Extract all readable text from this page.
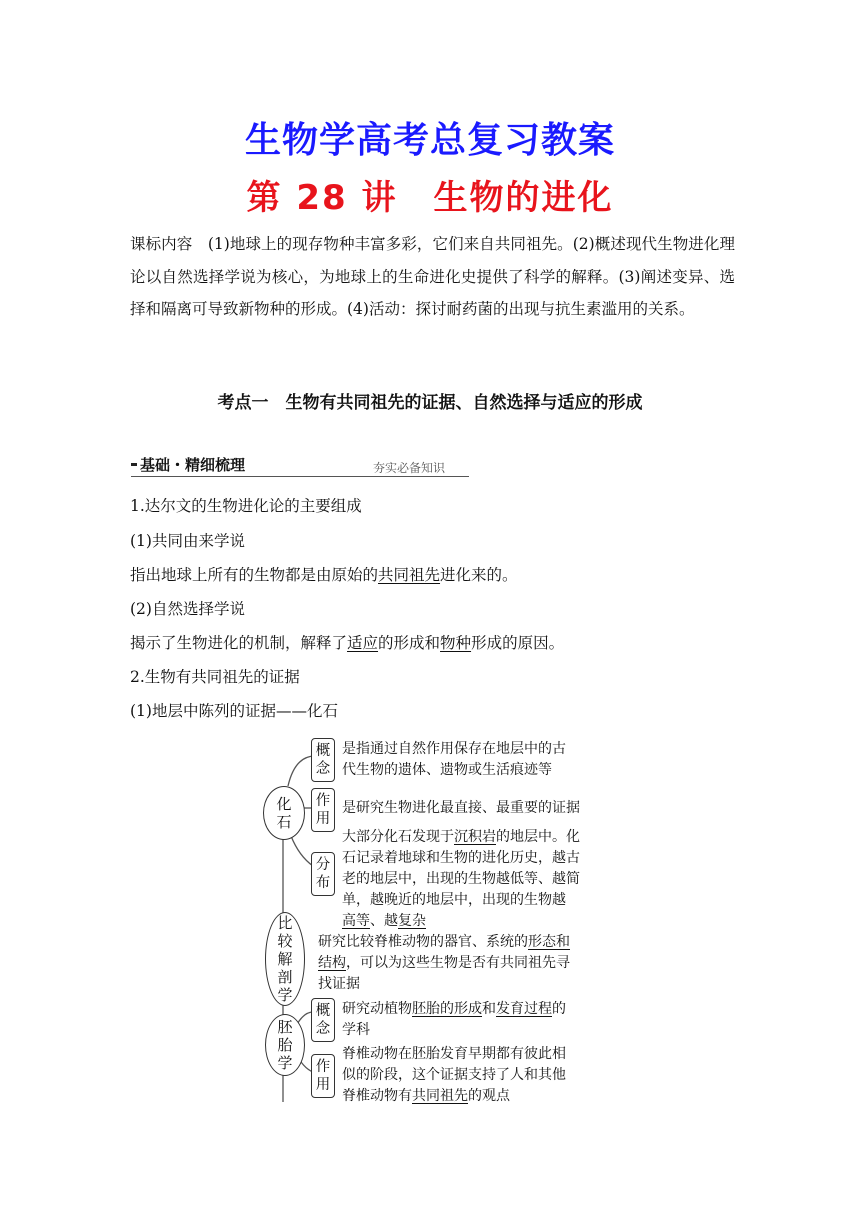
生物学高考总复习教案
第 28 讲　生物的进化
课标内容  (1)地球上的现存物种丰富多彩，它们来自共同祖先。(2)概述现代生物进化理论以自然选择学说为核心，为地球上的生命进化史提供了科学的解释。(3)阐述变异、选择和隔离可导致新物种的形成。(4)活动：探讨耐药菌的出现与抗生素滥用的关系。
考点一　生物有共同祖先的证据、自然选择与适应的形成
基础・精细梳理	夯实必备知识
1.达尔文的生物进化论的主要组成
(1)共同由来学说
指出地球上所有的生物都是由原始的共同祖先进化来的。
(2)自然选择学说
揭示了生物进化的机制，解释了适应的形成和物种形成的原因。
2.生物有共同祖先的证据
(1)地层中陈列的证据——化石
化
石
概
念
是指通过自然作用保存在地层中的古
代生物的遗体、遗物或生活痕迹等
作
用
是研究生物进化最直接、最重要的证据
分
布
大部分化石发现于沉积岩的地层中。化
石记录着地球和生物的进化历史，越古
老的地层中，出现的生物越低等、越简
单，越晚近的地层中，出现的生物越
高等、越复杂
比
较
解
剖
学
研究比较脊椎动物的器官、系统的形态和
结构，可以为这些生物是否有共同祖先寻
找证据
胚
胎
学
概
念
研究动植物胚胎的形成和发育过程的
学科
作
用
脊椎动物在胚胎发育早期都有彼此相
似的阶段，这个证据支持了人和其他
脊椎动物有共同祖先的观点
